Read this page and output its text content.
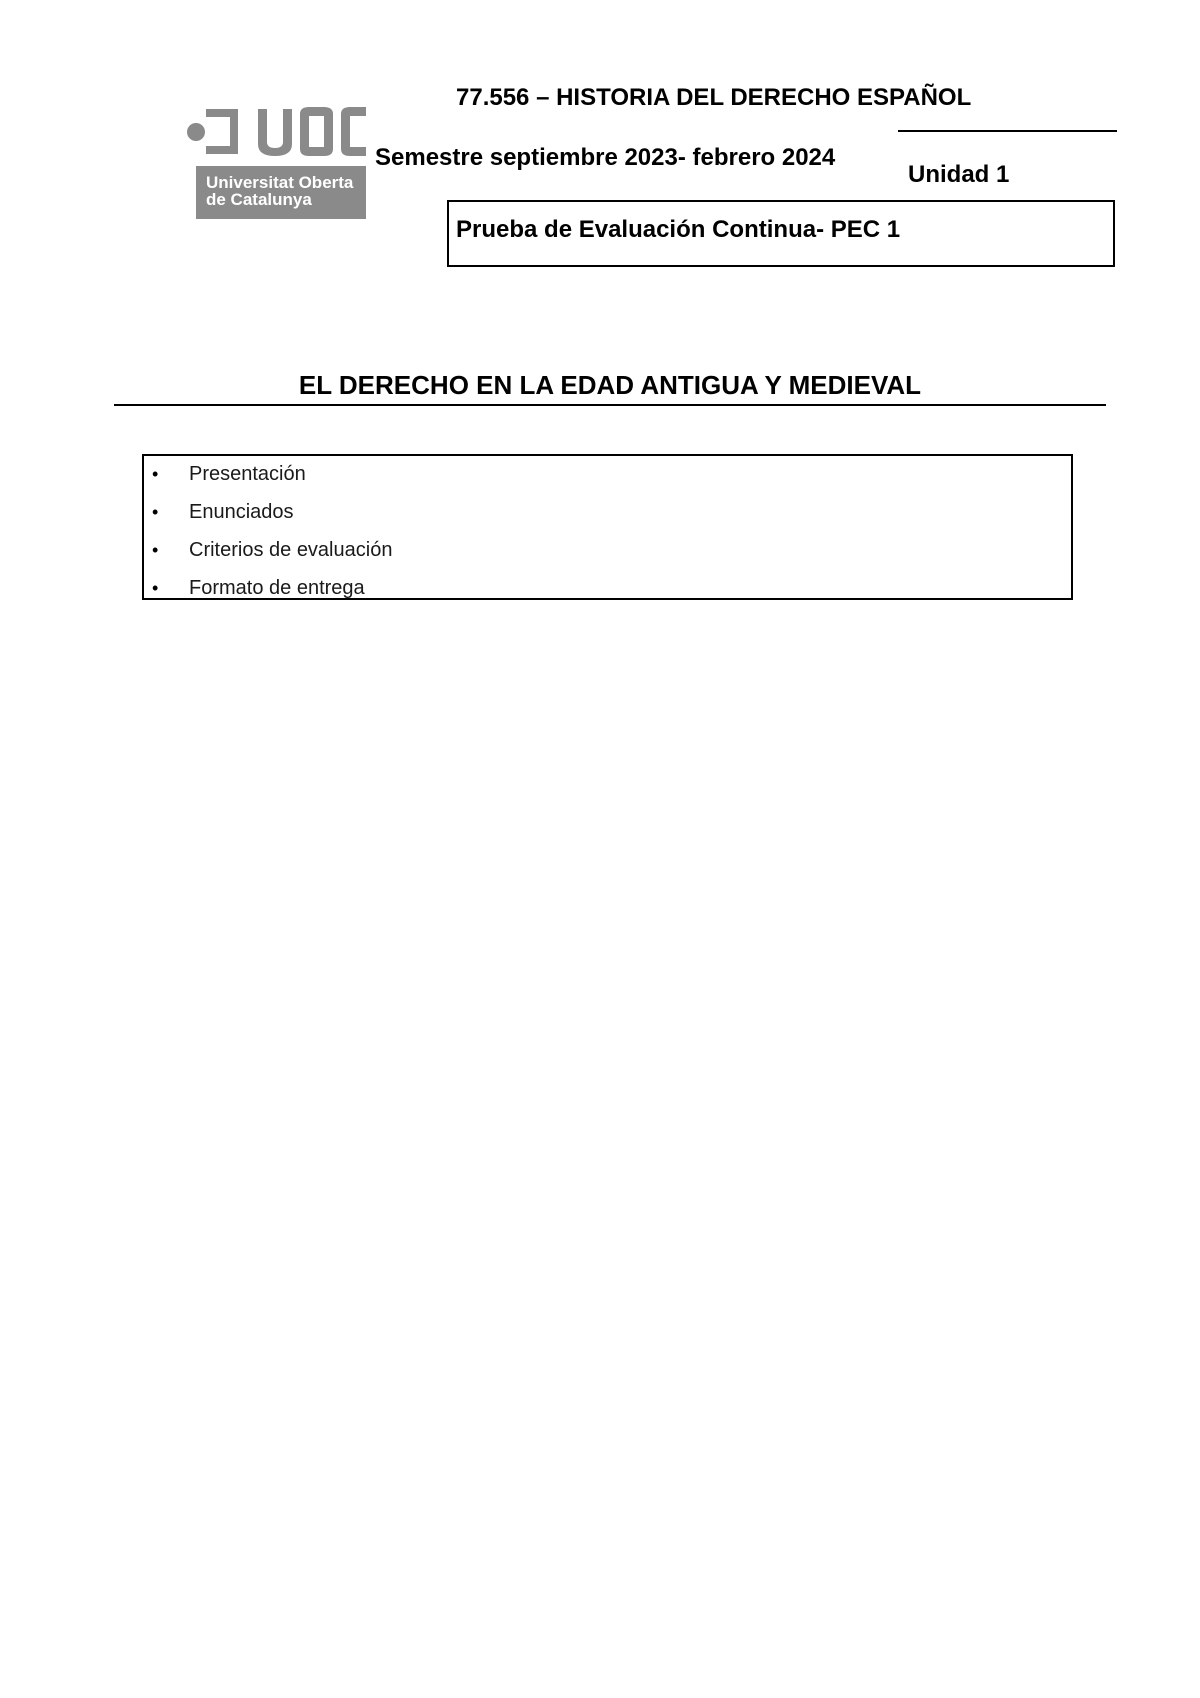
Universitat Oberta
de Catalunya
77.556 – HISTORIA DEL DERECHO ESPAÑOL
Semestre septiembre 2023- febrero 2024
Unidad 1
Prueba de Evaluación Continua- PEC 1
EL DERECHO EN LA EDAD ANTIGUA Y MEDIEVAL
• Presentación
• Enunciados
• Criterios de evaluación
• Formato de entrega
